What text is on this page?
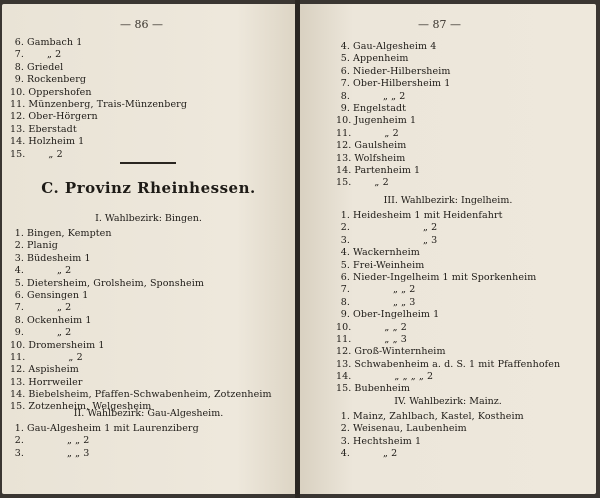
— 86 —
6. Gambach 1
7. „ 2
8. Griedel
9. Rockenberg
10. Oppershofen
11. Münzenberg, Trais-Münzenberg
12. Ober-Hörgern
13. Eberstadt
14. Holzheim 1
15. „ 2
C. Provinz Rheinhessen.
I. Wahlbezirk: Bingen.
1. Bingen, Kempten
2. Planig
3. Büdesheim 1
4.	„ 2
5. Dietersheim, Grolsheim, Sponsheim
6. Gensingen 1
7.	„ 2
8. Ockenheim 1
9.	„ 2
10. Dromersheim 1
11.	„ 2
12. Aspisheim
13. Horrweiler
14. Biebelsheim, Pfaffen-Schwabenheim, Zotzenheim
15. Zotzenheim, Welgesheim
II. Wahlbezirk: Gau-Algesheim.
1. Gau-Algesheim 1 mit Laurenziberg
2.	„ „ 2
3.	„ „ 3
— 87 —
4. Gau-Algesheim 4
5. Appenheim
6. Nieder-Hilbersheim
7. Ober-Hilbersheim 1
8.	„ „ 2
9. Engelstadt
10. Jugenheim 1
11.	„ 2
12. Gaulsheim
13. Wolfsheim
14. Partenheim 1
15. „ 2
III. Wahlbezirk: Ingelheim.
1. Heidesheim 1 mit Heidenfahrt
2.	„ 2
3.	„ 3
4. Wackernheim
5. Frei-Weinheim
6. Nieder-Ingelheim 1 mit Sporkenheim
7.	„ „ 2
8.	„ „ 3
9. Ober-Ingelheim 1
10.	„ „ 2
11.	„ „ 3
12. Groß-Winternheim
13. Schwabenheim a. d. S. 1 mit Pfaffenhofen
14.	„ „ „ „ 2
15. Bubenheim
IV. Wahlbezirk: Mainz.
1. Mainz, Zahlbach, Kastel, Kostheim
2. Weisenau, Laubenheim
3. Hechtsheim 1
4.	„ 2
